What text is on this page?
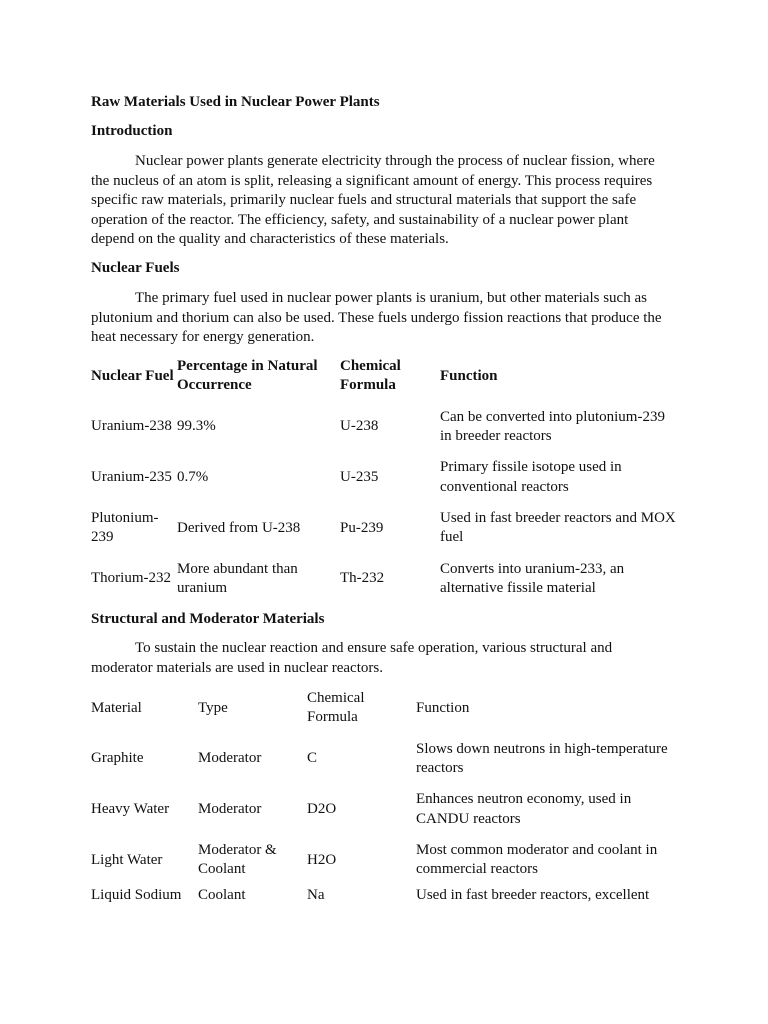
Raw Materials Used in Nuclear Power Plants
Introduction

Nuclear power plants generate electricity through the process of nuclear fission, where the nucleus of an atom is split, releasing a significant amount of energy. This process requires specific raw materials, primarily nuclear fuels and structural materials that support the safe operation of the reactor. The efficiency, safety, and sustainability of a nuclear power plant depend on the quality and characteristics of these materials.

Nuclear Fuels

The primary fuel used in nuclear power plants is uranium, but other materials such as plutonium and thorium can also be used. These fuels undergo fission reactions that produce the heat necessary for energy generation.

Nuclear Fuel	Percentage in Natural Occurrence	Chemical Formula	Function
Uranium-238	99.3%	U-238	Can be converted into plutonium-239 in breeder reactors
Uranium-235	0.7%	U-235	Primary fissile isotope used in conventional reactors
Plutonium-239	Derived from U-238	Pu-239	Used in fast breeder reactors and MOX fuel
Thorium-232	More abundant than uranium	Th-232	Converts into uranium-233, an alternative fissile material
Structural and Moderator Materials

To sustain the nuclear reaction and ensure safe operation, various structural and moderator materials are used in nuclear reactors.

Material	Type	Chemical Formula	Function
Graphite	Moderator	C	Slows down neutrons in high-temperature reactors
Heavy Water	Moderator	D2O	Enhances neutron economy, used in CANDU reactors
Light Water	Moderator & Coolant	H2O	Most common moderator and coolant in commercial reactors
Liquid Sodium	Coolant	Na	Used in fast breeder reactors, excellent
